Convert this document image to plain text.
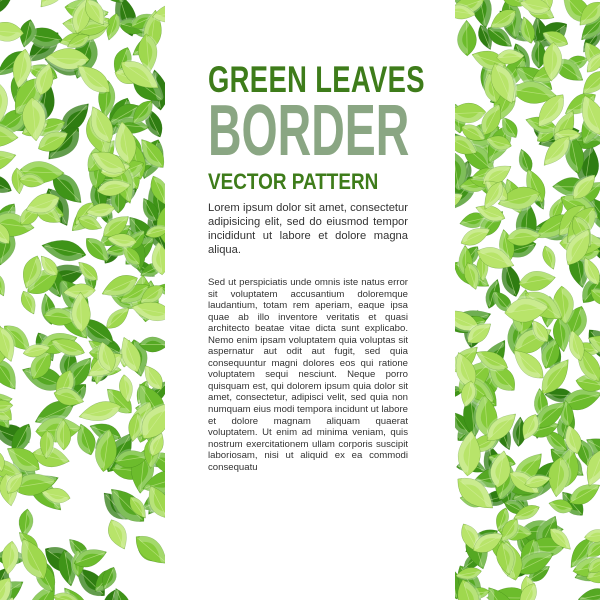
GREEN LEAVES
BORDER
VECTOR PATTERN

Lorem ipsum dolor sit amet, consectetur adipisicing elit, sed do eiusmod tempor incididunt ut labore et dolore magna aliqua.

Sed ut perspiciatis unde omnis iste natus error sit voluptatem accusantium doloremque laudantium, totam rem aperiam, eaque ipsa quae ab illo inventore veritatis et quasi architecto beatae vitae dicta sunt explicabo. Nemo enim ipsam voluptatem quia voluptas sit aspernatur aut odit aut fugit, sed quia consequuntur magni dolores eos qui ratione voluptatem sequi nesciunt. Neque porro quisquam est, qui dolorem ipsum quia dolor sit amet, consectetur, adipisci velit, sed quia non numquam eius modi tempora incidunt ut labore et dolore magnam aliquam quaerat voluptatem. Ut enim ad minima veniam, quis nostrum exercitationem ullam corporis suscipit laboriosam, nisi ut aliquid ex ea commodi consequatu
